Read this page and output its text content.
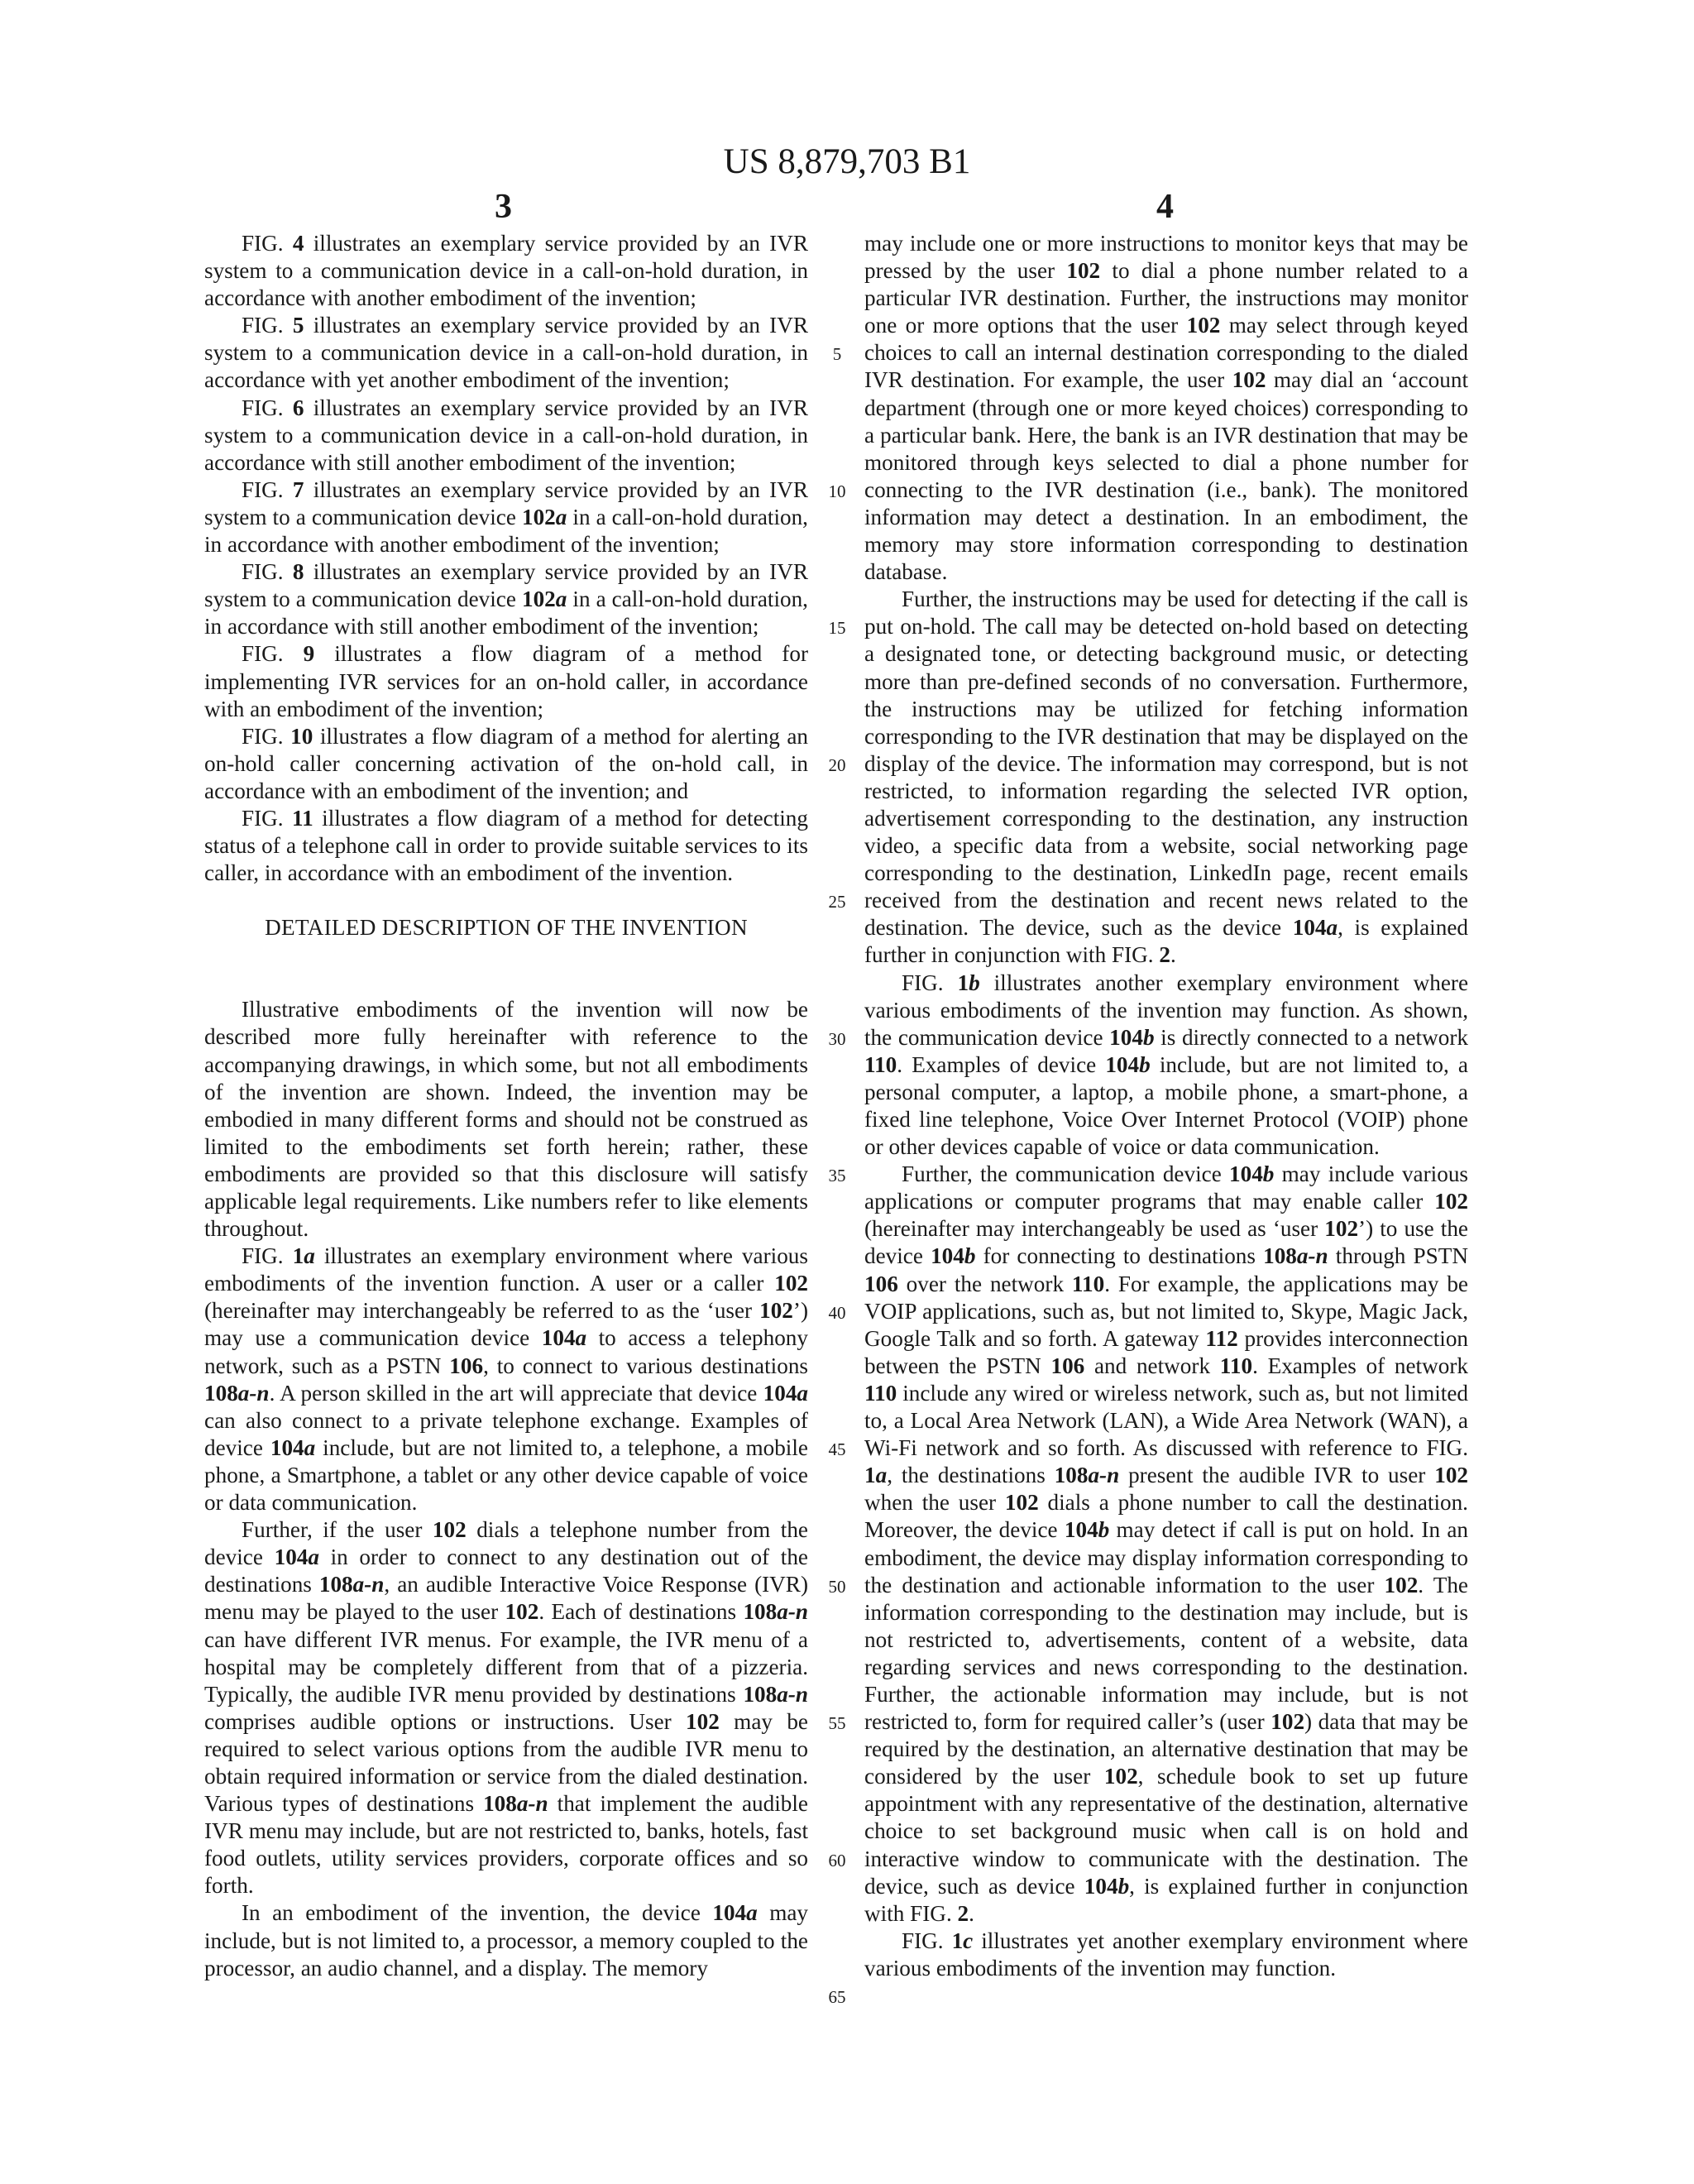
US 8,879,703 B1
3	4

FIG. 4 illustrates an exemplary service provided by an IVR system to a communication device in a call-on-hold duration, in accordance with another embodiment of the invention;

FIG. 5 illustrates an exemplary service provided by an IVR system to a communication device in a call-on-hold duration, in accordance with yet another embodiment of the invention;

FIG. 6 illustrates an exemplary service provided by an IVR system to a communication device in a call-on-hold duration, in accordance with still another embodiment of the invention;

FIG. 7 illustrates an exemplary service provided by an IVR system to a communication device 102a in a call-on-hold duration, in accordance with another embodiment of the invention;

FIG. 8 illustrates an exemplary service provided by an IVR system to a communication device 102a in a call-on-hold duration, in accordance with still another embodiment of the invention;

FIG. 9 illustrates a flow diagram of a method for implementing IVR services for an on-hold caller, in accordance with an embodiment of the invention;

FIG. 10 illustrates a flow diagram of a method for alerting an on-hold caller concerning activation of the on-hold call, in accordance with an embodiment of the invention; and

FIG. 11 illustrates a flow diagram of a method for detecting status of a telephone call in order to provide suitable services to its caller, in accordance with an embodiment of the invention.

DETAILED DESCRIPTION OF THE INVENTION

Illustrative embodiments of the invention will now be described more fully hereinafter with reference to the accompanying drawings, in which some, but not all embodiments of the invention are shown. Indeed, the invention may be embodied in many different forms and should not be construed as limited to the embodiments set forth herein; rather, these embodiments are provided so that this disclosure will satisfy applicable legal requirements. Like numbers refer to like elements throughout.

FIG. 1a illustrates an exemplary environment where various embodiments of the invention function. A user or a caller 102 (hereinafter may interchangeably be referred to as the ‘user 102’) may use a communication device 104a to access a telephony network, such as a PSTN 106, to connect to various destinations 108a-n. A person skilled in the art will appreciate that device 104a can also connect to a private telephone exchange. Examples of device 104a include, but are not limited to, a telephone, a mobile phone, a Smartphone, a tablet or any other device capable of voice or data communication.

Further, if the user 102 dials a telephone number from the device 104a in order to connect to any destination out of the destinations 108a-n, an audible Interactive Voice Response (IVR) menu may be played to the user 102. Each of destinations 108a-n can have different IVR menus. For example, the IVR menu of a hospital may be completely different from that of a pizzeria. Typically, the audible IVR menu provided by destinations 108a-n comprises audible options or instructions. User 102 may be required to select various options from the audible IVR menu to obtain required information or service from the dialed destination. Various types of destinations 108a-n that implement the audible IVR menu may include, but are not restricted to, banks, hotels, fast food outlets, utility services providers, corporate offices and so forth.

In an embodiment of the invention, the device 104a may include, but is not limited to, a processor, a memory coupled to the processor, an audio channel, and a display. The memory

5
10
15
20
25
30
35
40
45
50
55
60
65

may include one or more instructions to monitor keys that may be pressed by the user 102 to dial a phone number related to a particular IVR destination. Further, the instructions may monitor one or more options that the user 102 may select through keyed choices to call an internal destination corresponding to the dialed IVR destination. For example, the user 102 may dial an ‘account department (through one or more keyed choices) corresponding to a particular bank. Here, the bank is an IVR destination that may be monitored through keys selected to dial a phone number for connecting to the IVR destination (i.e., bank). The monitored information may detect a destination. In an embodiment, the memory may store information corresponding to destination database.

Further, the instructions may be used for detecting if the call is put on-hold. The call may be detected on-hold based on detecting a designated tone, or detecting background music, or detecting more than pre-defined seconds of no conversation. Furthermore, the instructions may be utilized for fetching information corresponding to the IVR destination that may be displayed on the display of the device. The information may correspond, but is not restricted, to information regarding the selected IVR option, advertisement corresponding to the destination, any instruction video, a specific data from a website, social networking page corresponding to the destination, LinkedIn page, recent emails received from the destination and recent news related to the destination. The device, such as the device 104a, is explained further in conjunction with FIG. 2.

FIG. 1b illustrates another exemplary environment where various embodiments of the invention may function. As shown, the communication device 104b is directly connected to a network 110. Examples of device 104b include, but are not limited to, a personal computer, a laptop, a mobile phone, a smart-phone, a fixed line telephone, Voice Over Internet Protocol (VOIP) phone or other devices capable of voice or data communication.

Further, the communication device 104b may include various applications or computer programs that may enable caller 102 (hereinafter may interchangeably be used as ‘user 102’) to use the device 104b for connecting to destinations 108a-n through PSTN 106 over the network 110. For example, the applications may be VOIP applications, such as, but not limited to, Skype, Magic Jack, Google Talk and so forth. A gateway 112 provides interconnection between the PSTN 106 and network 110. Examples of network 110 include any wired or wireless network, such as, but not limited to, a Local Area Network (LAN), a Wide Area Network (WAN), a Wi-Fi network and so forth. As discussed with reference to FIG. 1a, the destinations 108a-n present the audible IVR to user 102 when the user 102 dials a phone number to call the destination. Moreover, the device 104b may detect if call is put on hold. In an embodiment, the device may display information corresponding to the destination and actionable information to the user 102. The information corresponding to the destination may include, but is not restricted to, advertisements, content of a website, data regarding services and news corresponding to the destination. Further, the actionable information may include, but is not restricted to, form for required caller’s (user 102) data that may be required by the destination, an alternative destination that may be considered by the user 102, schedule book to set up future appointment with any representative of the destination, alternative choice to set background music when call is on hold and interactive window to communicate with the destination. The device, such as device 104b, is explained further in conjunction with FIG. 2.

FIG. 1c illustrates yet another exemplary environment where various embodiments of the invention may function.
